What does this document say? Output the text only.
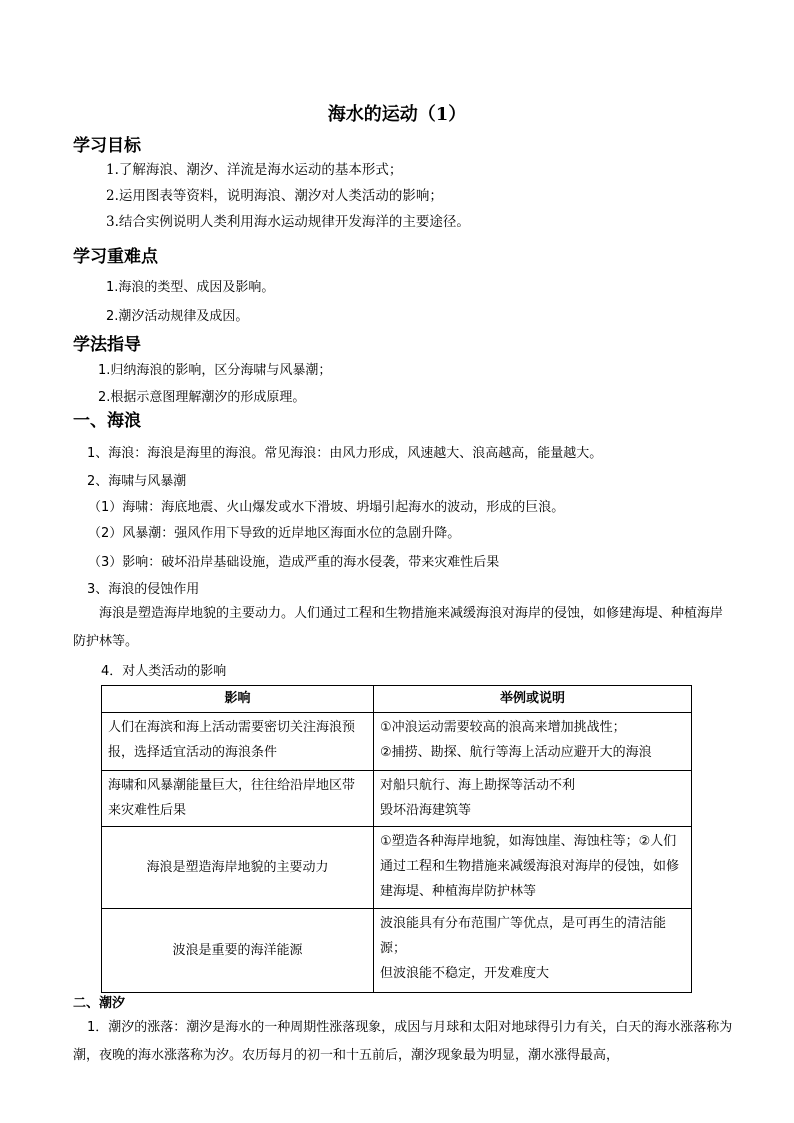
海水的运动（1）
学习目标
1.了解海浪、潮汐、洋流是海水运动的基本形式；
2.运用图表等资料，说明海浪、潮汐对人类活动的影响；
3.结合实例说明人类利用海水运动规律开发海洋的主要途径。
学习重难点
1.海浪的类型、成因及影响。
2.潮汐活动规律及成因。
学法指导
1.归纳海浪的影响，区分海啸与风暴潮；
2.根据示意图理解潮汐的形成原理。
一、海浪
1、海浪：海浪是海里的海浪。常见海浪：由风力形成，风速越大、浪高越高，能量越大。
2、海啸与风暴潮
（1）海啸：海底地震、火山爆发或水下滑坡、坍塌引起海水的波动，形成的巨浪。
（2）风暴潮：强风作用下导致的近岸地区海面水位的急剧升降。
（3）影响：破坏沿岸基础设施，造成严重的海水侵袭，带来灾难性后果
3、海浪的侵蚀作用
海浪是塑造海岸地貌的主要动力。人们通过工程和生物措施来减缓海浪对海岸的侵蚀，如修建海堤、种植海岸防护林等。
4．对人类活动的影响
影响	举例或说明
人们在海滨和海上活动需要密切关注海浪预报，选择适宜活动的海浪条件	①冲浪运动需要较高的浪高来增加挑战性；
②捕捞、勘探、航行等海上活动应避开大的海浪

海啸和风暴潮能量巨大，往往给沿岸地区带来灾难性后果	对船只航行、海上勘探等活动不利
毁坏沿海建筑等

海浪是塑造海岸地貌的主要动力	①塑造各种海岸地貌，如海蚀崖、海蚀柱等；②人们通过工程和生物措施来减缓海浪对海岸的侵蚀，如修建海堤、种植海岸防护林等

波浪是重要的海洋能源	波浪能具有分布范围广等优点，是可再生的清洁能源；
但波浪能不稳定，开发难度大
二、潮汐
1．潮汐的涨落：潮汐是海水的一种周期性涨落现象，成因与月球和太阳对地球得引力有关，白天的海水涨落称为潮，夜晚的海水涨落称为汐。农历每月的初一和十五前后，潮汐现象最为明显，潮水涨得最高，
